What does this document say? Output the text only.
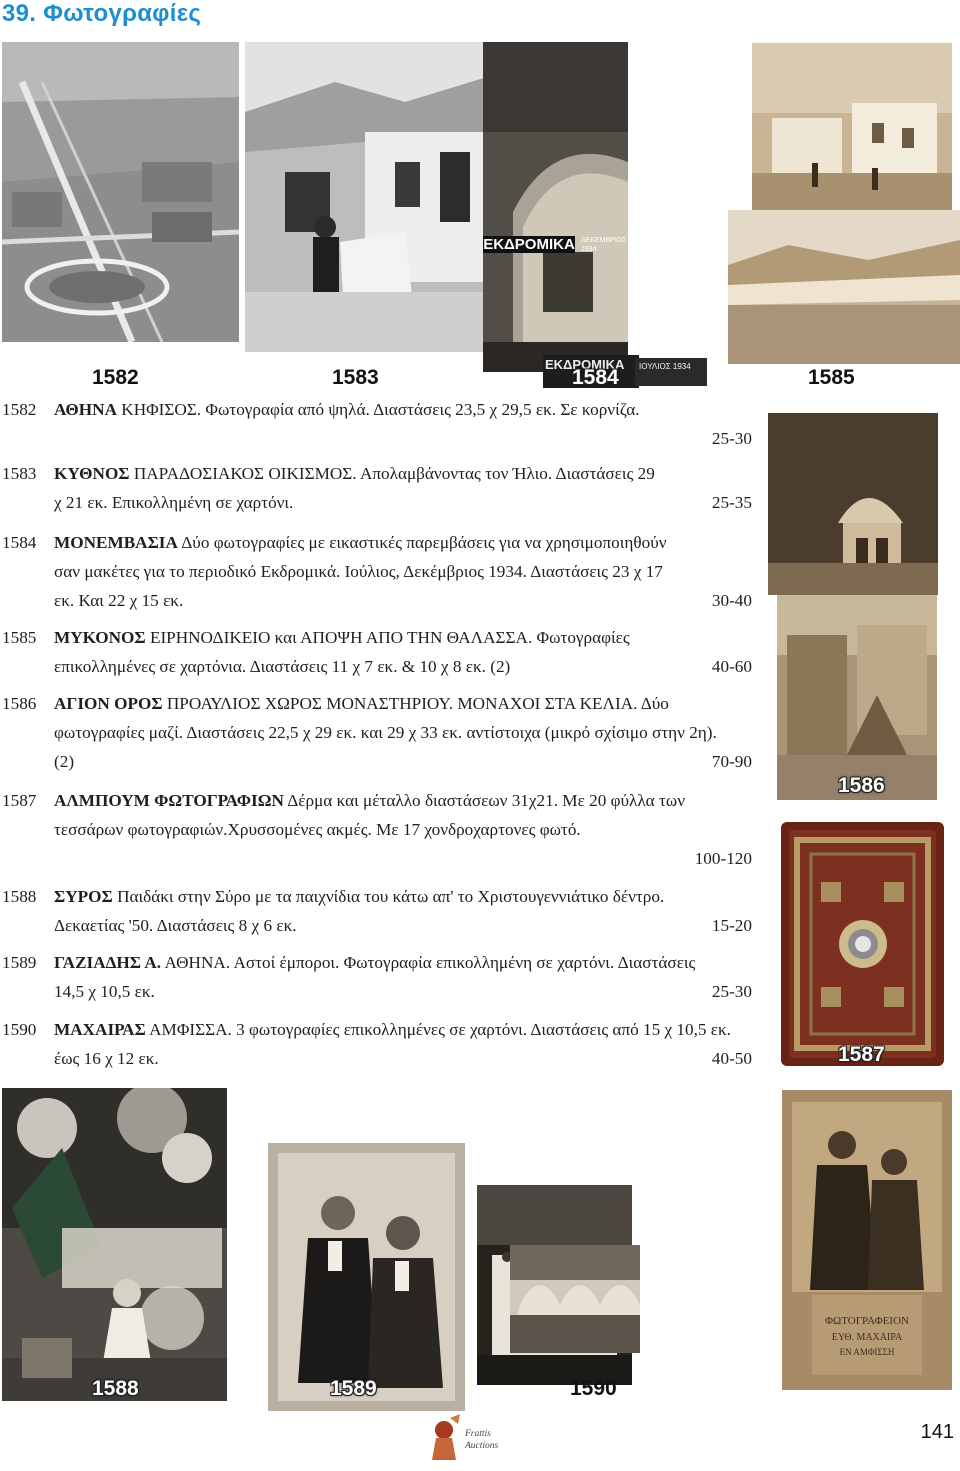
39. Φωτογραφίες
ΕΚΔΡΟΜΙΚΑ ΔΕΚΕΜΒΡΙΟΣ 1934
ΕΚΔΡΟΜΙΚΑ ΙΟΥΛΙΟΣ 1934
1582	1583	1584	1585
1586
1587
1582 ΑΘΗΝΑ ΚΗΦΙΣΟΣ. Φωτογραφία από ψηλά. Διαστάσεις 23,5 χ 29,5 εκ. Σε κορνίζα.
25-30
1583 ΚΥΘΝΟΣ ΠΑΡΑΔΟΣΙΑΚΟΣ ΟΙΚΙΣΜΟΣ. Απολαμβάνοντας τον Ήλιο. Διαστάσεις 29 χ 21 εκ. Επικολλημένη σε χαρτόνι.	25-35
1584 ΜΟΝΕΜΒΑΣΙΑ Δύο φωτογραφίες με εικαστικές παρεμβάσεις για να χρησιμοποιηθούν σαν μακέτες για το περιοδικό Εκδρομικά. Ιούλιος, Δεκέμβριος 1934. Διαστάσεις 23 χ 17 εκ. Και 22 χ 15 εκ.	30-40
1585 ΜΥΚΟΝΟΣ ΕΙΡΗΝΟΔΙΚΕΙΟ και ΑΠΟΨΗ ΑΠΟ ΤΗΝ ΘΑΛΑΣΣΑ. Φωτογραφίες επικολλημένες σε χαρτόνια. Διαστάσεις 11 χ 7 εκ. & 10 χ 8 εκ. (2)	40-60
1586 ΑΓΙΟΝ ΟΡΟΣ ΠΡΟΑΥΛΙΟΣ ΧΩΡΟΣ ΜΟΝΑΣΤΗΡΙΟΥ. ΜΟΝΑΧΟΙ ΣΤΑ ΚΕΛΙΑ. Δύο φωτογραφίες μαζί. Διαστάσεις 22,5 χ 29 εκ. και 29 χ 33 εκ. αντίστοιχα (μικρό σχίσιμο στην 2η). (2)	70-90
1587 ΑΛΜΠΟΥΜ ΦΩΤΟΓΡΑΦΙΩΝ Δέρμα και μέταλλο διαστάσεων 31χ21. Με 20 φύλλα των τεσσάρων φωτογραφιών.Χρυσσομένες ακμές. Με 17 χονδροχαρτονες φωτό.
100-120
1588 ΣΥΡΟΣ Παιδάκι στην Σύρο με τα παιχνίδια του κάτω απ' το Χριστουγεννιάτικο δέντρο. Δεκαετίας '50. Διαστάσεις 8 χ 6 εκ.	15-20
1589 ΓΑΖΙΑΔΗΣ Α. ΑΘΗΝΑ. Αστοί έμποροι. Φωτογραφία επικολλημένη σε χαρτόνι. Διαστάσεις 14,5 χ 10,5 εκ.	25-30
1590 ΜΑΧΑΙΡΑΣ ΑΜΦΙΣΣΑ. 3 φωτογραφίες επικολλημένες σε χαρτόνι. Διαστάσεις από 15 χ 10,5 εκ. έως 16 χ 12 εκ.	40-50
ΦΩΤΟΓΡΑΦΕΙΟΝ
ΕΥΘ. ΜΑΧΑΙΡΑ
ΕΝ ΑΜΦΙΣΣΗ
1588	1589	1590
Frattis
Auctions
141
